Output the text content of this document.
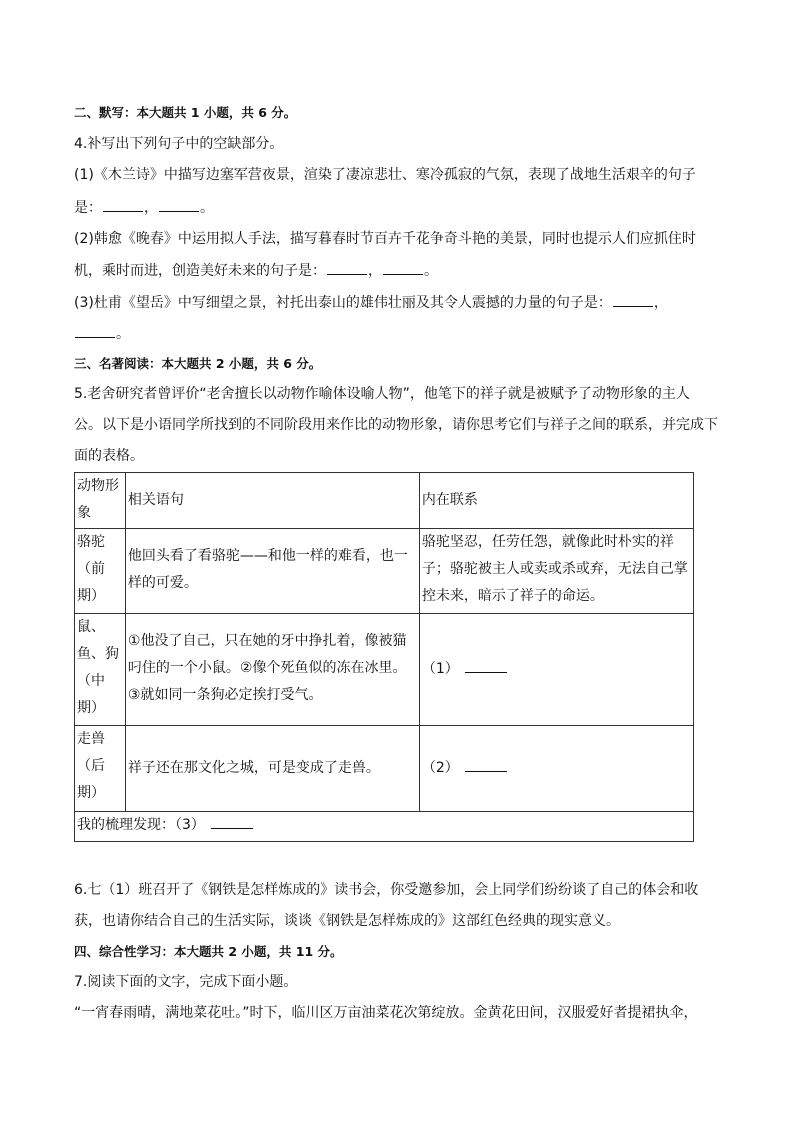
二、默写：本大题共 1 小题，共 6 分。
4.补写出下列句子中的空缺部分。
(1)《木兰诗》中描写边塞军营夜景，渲染了凄凉悲壮、寒冷孤寂的气氛，表现了战地生活艰辛的句子
是：	，	。
(2)韩愈《晚春》中运用拟人手法，描写暮春时节百卉千花争奇斗艳的美景，同时也提示人们应抓住时
机，乘时而进，创造美好未来的句子是：	，	。
(3)杜甫《望岳》中写细望之景，衬托出泰山的雄伟壮丽及其令人震撼的力量的句子是：	，
。
三、名著阅读：本大题共 2 小题，共 6 分。
5.老舍研究者曾评价“老舍擅长以动物作喻体设喻人物”，他笔下的祥子就是被赋予了动物形象的主人
公。以下是小语同学所找到的不同阶段用来作比的动物形象，请你思考它们与祥子之间的联系，并完成下
面的表格。
动物形象	相关语句	内在联系
骆驼（前期）	他回头看了看骆驼——和他一样的难看，也一样的可爱。	骆驼坚忍，任劳任怨，就像此时朴实的祥子；骆驼被主人或卖或杀或弃，无法自己掌控未来，暗示了祥子的命运。
鼠、鱼、狗（中期）	①他没了自己，只在她的牙中挣扎着，像被猫叼住的一个小鼠。②像个死鱼似的冻在冰里。③就如同一条狗必定挨打受气。	（1）
走兽（后期）	祥子还在那文化之城，可是变成了走兽。	（2）
我的梳理发现：（3）		
6.七（1）班召开了《钢铁是怎样炼成的》读书会，你受邀参加，会上同学们纷纷谈了自己的体会和收
获，也请你结合自己的生活实际，谈谈《钢铁是怎样炼成的》这部红色经典的现实意义。
四、综合性学习：本大题共 2 小题，共 11 分。
7.阅读下面的文字，完成下面小题。
“一宵春雨晴，满地菜花吐。”时下，临川区万亩油菜花次第绽放。金黄花田间，汉服爱好者提裙执伞，
